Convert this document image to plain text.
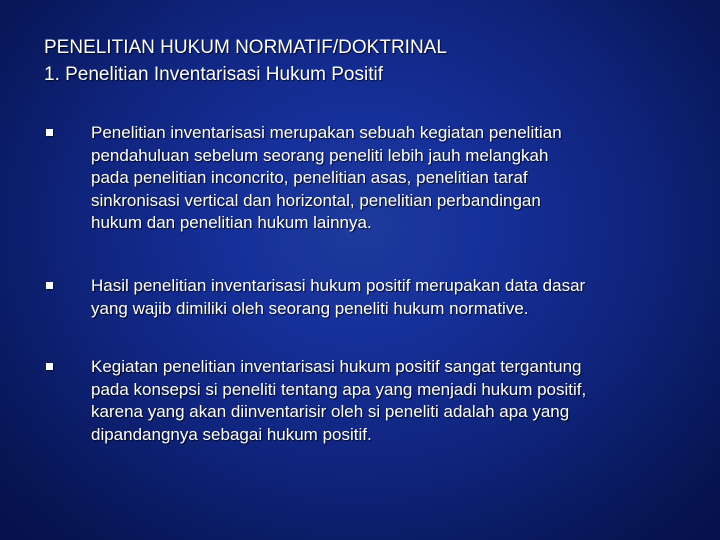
PENELITIAN HUKUM NORMATIF/DOKTRINAL
1. Penelitian Inventarisasi Hukum Positif
Penelitian inventarisasi merupakan sebuah kegiatan penelitian
pendahuluan sebelum seorang peneliti lebih jauh melangkah
pada penelitian inconcrito, penelitian asas, penelitian taraf
sinkronisasi vertical dan horizontal, penelitian perbandingan
hukum dan penelitian hukum lainnya.
Hasil penelitian inventarisasi hukum positif merupakan data dasar
yang wajib dimiliki oleh seorang peneliti hukum normative.
Kegiatan penelitian inventarisasi hukum positif sangat tergantung
pada konsepsi si peneliti tentang apa yang menjadi hukum positif,
karena yang akan diinventarisir oleh si peneliti adalah apa yang
dipandangnya sebagai hukum positif.
